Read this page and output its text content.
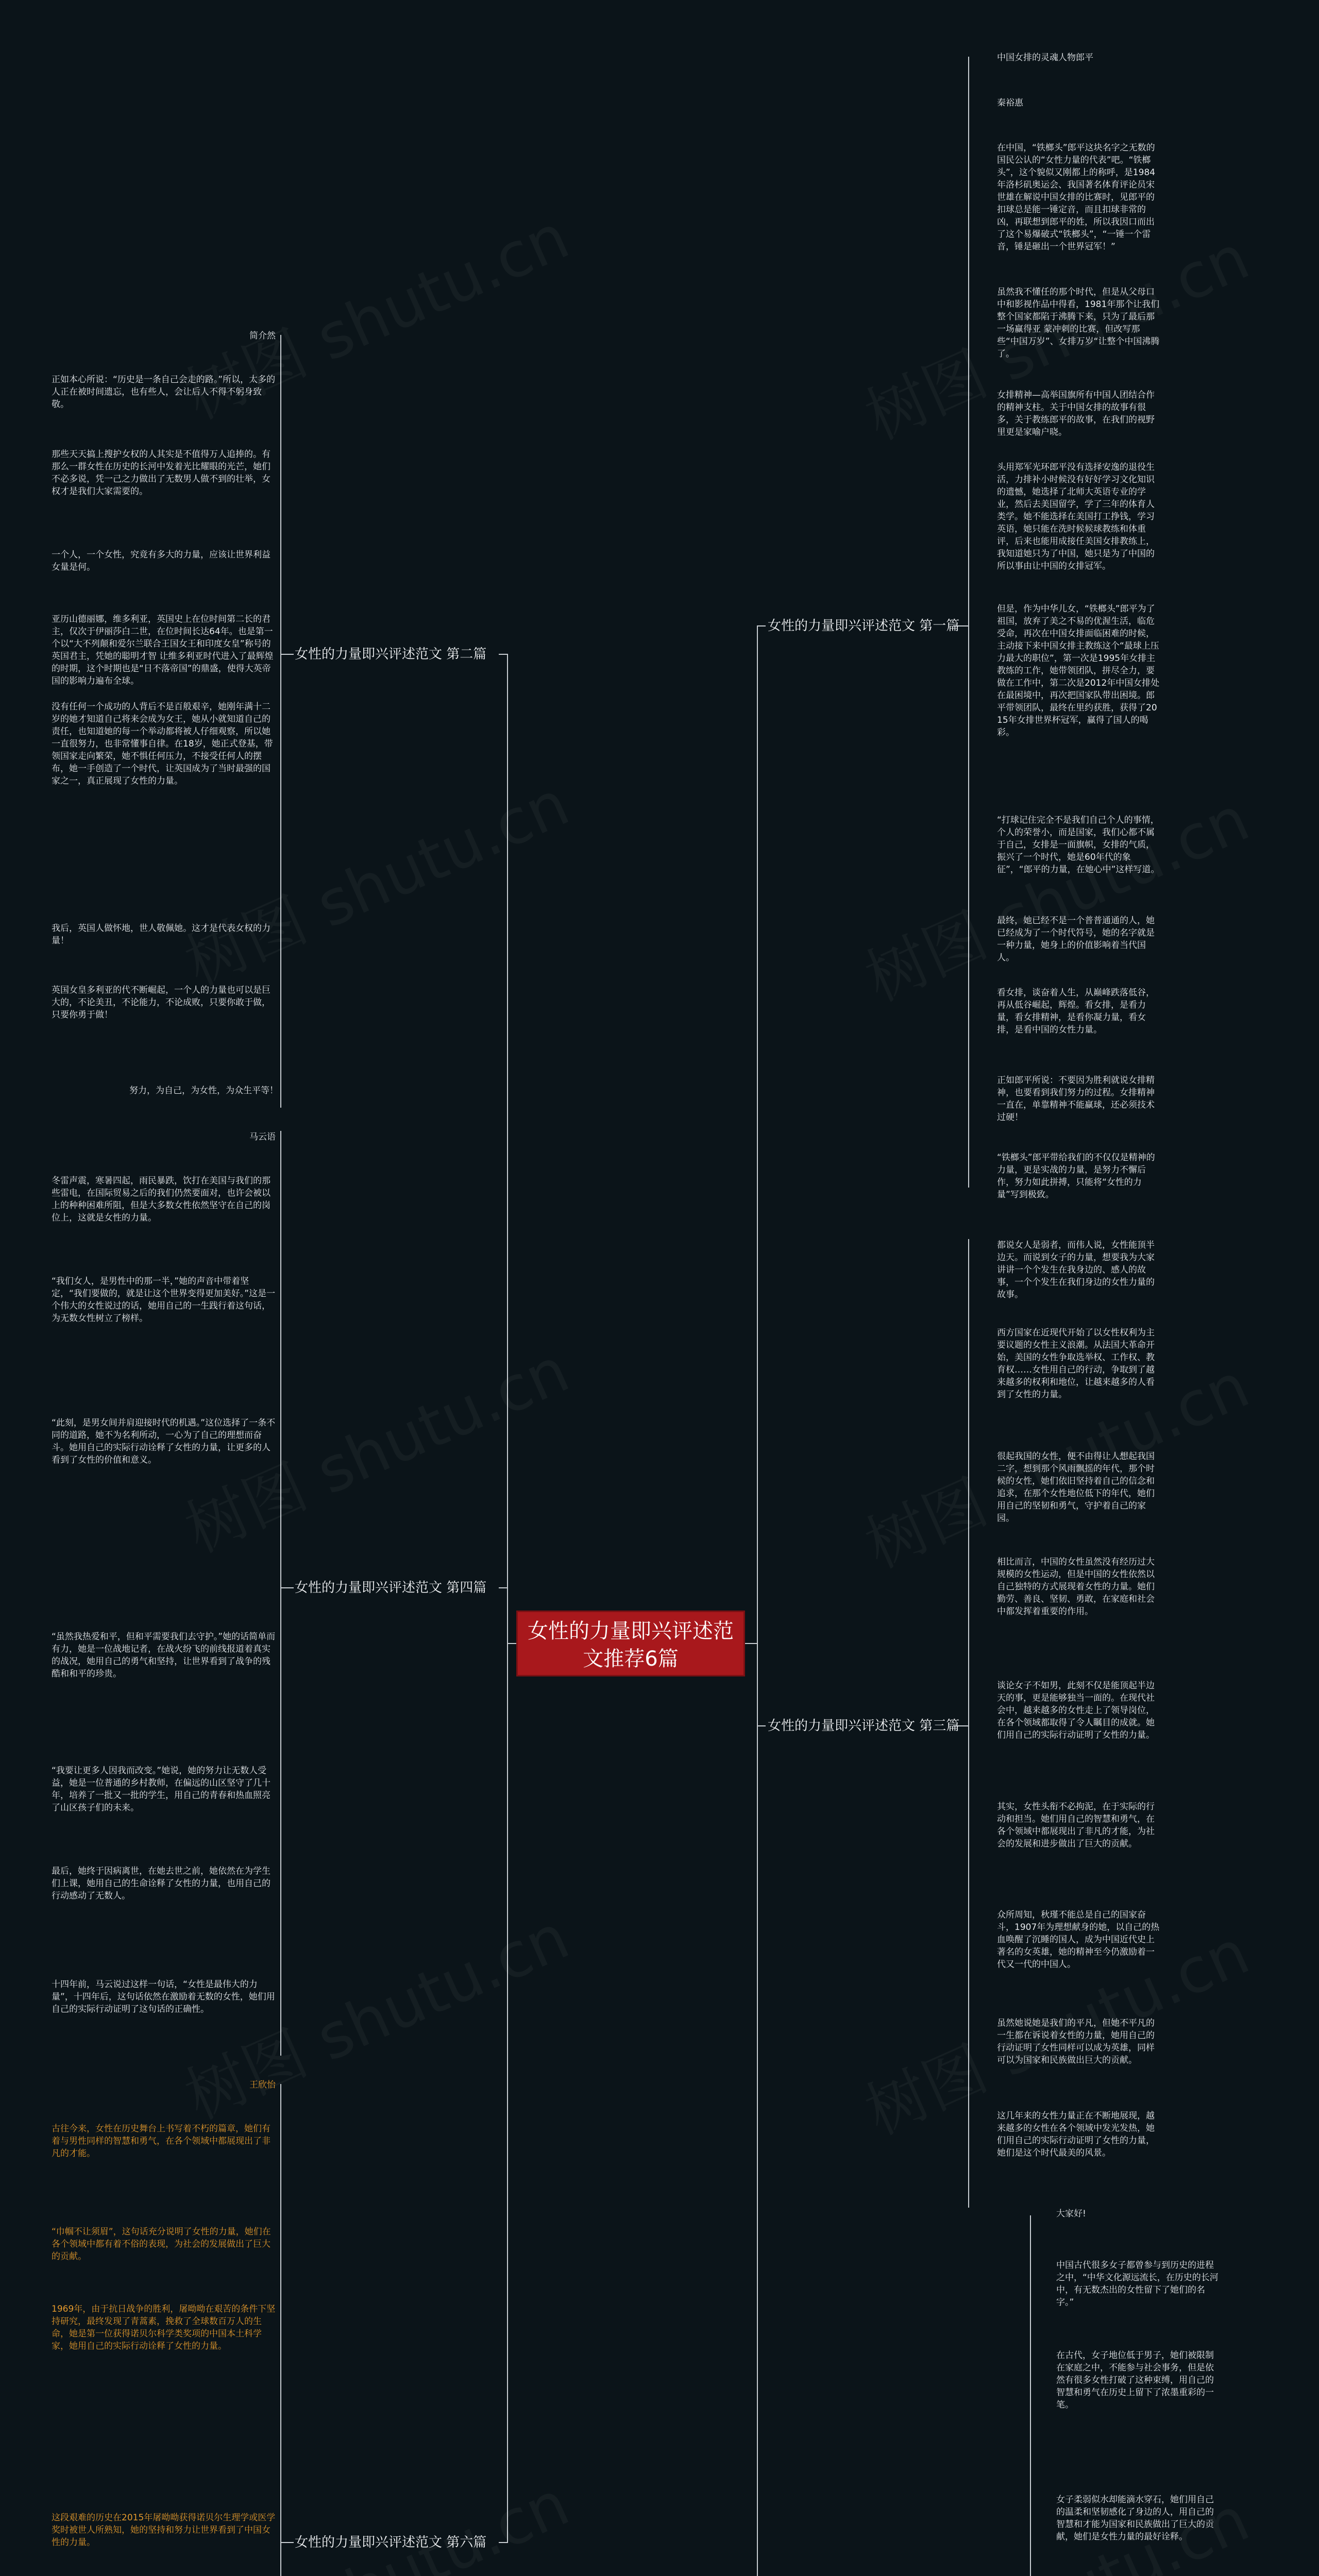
女性的力量即兴评述范文推荐6篇
女性的力量即兴评述范文 第一篇
女性的力量即兴评述范文 第三篇
女性的力量即兴评述范文 第二篇
女性的力量即兴评述范文 第四篇
女性的力量即兴评述范文 第六篇
中国女排的灵魂人物郎平
秦裕惠
在中国，“铁榔头”郎平这块名字之无数的国民公认的“女性力量的代表”吧。“铁榔头”，这个貌似又刚都上的称呼，是1984年洛杉矶奥运会、我国著名体育评论员宋世雄在解说中国女排的比赛时，见郎平的扣球总是能一锤定音，而且扣球非常的凶，再联想到郎平的姓，所以我因口而出了这个易爆破式“铁榔头”，“一锤一个雷音，锤是砸出一个世界冠军！”
虽然我不懂任的那个时代，但是从父母口中和影视作品中得看，1981年那个让我们整个国家都陷于沸腾下来，只为了最后那一场赢得亚 蒙冲刺的比赛，但改写那些“中国万岁”、女排万岁“让整个中国沸腾了。
女排精神—高举国旗所有中国人团结合作的精神支柱。关于中国女排的故事有很多，关于教练郎平的故事，在我们的视野里更是家喻户晓。
头用郑军光环郎平没有选择安逸的退役生活，力排补小时候没有好好学习文化知识的遗憾，她选择了北师大英语专业的学业，然后去美国留学，学了三年的体育人类学。她不能选择在美国打工挣钱，学习英语，她只能在洗时候候球教练和体重评，后来也能用成接任美国女排教练上，我知道她只为了中国，她只是为了中国的所以事由让中国的女排冠军。
但是，作为中华儿女，“铁榔头”郎平为了祖国，放弃了美之不易的优渥生活，临危受命，再次在中国女排面临困难的时候，主动接下来中国女排主教练这个“最球上压力最大的职位”，第一次是1995年女排主教练的工作，她带领团队，拼尽全力，要做在工作中，第二次是2012年中国女排处在最困境中，再次把国家队带出困境。郎平带领团队，最终在里约获胜，获得了2015年女排世界杯冠军，赢得了国人的喝彩。
“打球记住完全不是我们自己个人的事情，个人的荣誉小，而是国家，我们心都不属于自己，女排是一面旗帜，女排的气质，振兴了一个时代，她是60年代的象征”，“郎平的力量，在她心中”这样写道。
最终，她已经不是一个普普通通的人，她已经成为了一个时代符号，她的名字就是一种力量，她身上的价值影响着当代国人。
看女排，谈奋着人生，从巅峰跌落低谷，再从低谷崛起，辉煌。看女排，是看力量，看女排精神，是看你凝力量，看女排，是看中国的女性力量。
正如郎平所说：不要因为胜利就说女排精神，也要看到我们努力的过程。女排精神一直在，单靠精神不能赢球，还必须技术过硬！
“铁榔头”郎平带给我们的不仅仅是精神的力量，更是实战的力量，是努力不懈后作，努力如此拼搏，只能将“女性的力量”写到极致。
都说女人是弱者，而伟人说，女性能顶半边天。而说到女子的力量，想要我为大家讲讲一个个发生在我身边的、感人的故事，一个个发生在我们身边的女性力量的故事。
西方国家在近现代开始了以女性权利为主要议题的女性主义浪潮。从法国大革命开始，美国的女性争取选举权、工作权、教育权……女性用自己的行动，争取到了越来越多的权利和地位，让越来越多的人看到了女性的力量。
很起我国的女性，便不由得让人想起我国二字，想到那个风雨飘摇的年代，那个时候的女性，她们依旧坚持着自己的信念和追求，在那个女性地位低下的年代，她们用自己的坚韧和勇气，守护着自己的家园。
相比而言，中国的女性虽然没有经历过大规模的女性运动，但是中国的女性依然以自己独特的方式展现着女性的力量。她们勤劳、善良、坚韧、勇敢，在家庭和社会中都发挥着重要的作用。
谈论女子不如男，此刻不仅是能顶起半边天的事，更是能够独当一面的。在现代社会中，越来越多的女性走上了领导岗位，在各个领域都取得了令人瞩目的成就。她们用自己的实际行动证明了女性的力量。
其实，女性头衔不必拘泥，在于实际的行动和担当。她们用自己的智慧和勇气，在各个领域中都展现出了非凡的才能，为社会的发展和进步做出了巨大的贡献。
众所周知，秋瑾不能总是自己的国家奋斗，1907年为理想献身的她，以自己的热血唤醒了沉睡的国人，成为中国近代史上著名的女英雄，她的精神至今仍激励着一代又一代的中国人。
虽然她说她是我们的平凡，但她不平凡的一生都在诉说着女性的力量，她用自己的行动证明了女性同样可以成为英雄，同样可以为国家和民族做出巨大的贡献。
这几年来的女性力量正在不断地展现，越来越多的女性在各个领域中发光发热，她们用自己的实际行动证明了女性的力量，她们是这个时代最美的风景。
大家好!
中国古代很多女子都曾参与到历史的进程之中，“中华文化源远流长，在历史的长河中，有无数杰出的女性留下了她们的名字。”
在古代，女子地位低于男子，她们被限制在家庭之中，不能参与社会事务，但是依然有很多女性打破了这种束缚，用自己的智慧和勇气在历史上留下了浓墨重彩的一笔。
女子柔弱似水却能滴水穿石，她们用自己的温柔和坚韧感化了身边的人，用自己的智慧和才能为国家和民族做出了巨大的贡献，她们是女性力量的最好诠释。
简介然
正如本心所说：“历史是一条自己会走的路。”所以，太多的人正在被时间遗忘，也有些人，会让后人不得不躬身致敬。
那些天天搞上搜护女权的人其实是不值得万人追捧的。有那么一群女性在历史的长河中发着光比耀眼的光芒，她们不必多说，凭一己之力做出了无数男人做不到的壮举，女权才是我们大家需要的。
一个人，一个女性，究竟有多大的力量，应该让世界利益女量是何。
亚历山德丽娜，维多利亚，英国史上在位时间第二长的君主，仅次于伊丽莎白二世，在位时间长达64年。也是第一个以“大不列颠和爱尔兰联合王国女王和印度女皇”称号的英国君主，凭她的聪明才智 让维多利亚时代进入了最辉煌的时期，这个时期也是“日不落帝国”的鼎盛，使得大英帝国的影响力遍布全球。
没有任何一个成功的人背后不是百般艰辛，她刚年满十二岁的她才知道自己将来会成为女王，她从小就知道自己的责任，也知道她的每一个举动都将被人仔细观察，所以她一直很努力，也非常懂事自律。在18岁，她正式登基，带领国家走向繁荣，她不惧任何压力，不接受任何人的摆布，她一手创造了一个时代，让英国成为了当时最强的国家之一，真正展现了女性的力量。
我后，英国人做怀地，世人敬佩她。这才是代表女权的力量！
英国女皇多利亚的代不断崛起，一个人的力量也可以是巨大的，不论美丑，不论能力，不论成败，只要你敢于做，只要你勇于做！
努力，为自己，为女性，为众生平等！
马云语
冬雷声震，寒暑四起，雨民暴跌，饮打在美国与我们的那些雷电，在国际贸易之后的我们仍然要面对，也许会被以上的种种困难所阻，但是大多数女性依然坚守在自己的岗位上，这就是女性的力量。
“我们女人，是男性中的那一半，”她的声音中带着坚定，“我们要做的，就是让这个世界变得更加美好。”这是一个伟大的女性说过的话，她用自己的一生践行着这句话，为无数女性树立了榜样。
“此刻，是男女间并肩迎接时代的机遇。”这位选择了一条不同的道路，她不为名利所动，一心为了自己的理想而奋斗。她用自己的实际行动诠释了女性的力量，让更多的人看到了女性的价值和意义。
“虽然我热爱和平，但和平需要我们去守护。”她的话简单而有力，她是一位战地记者，在战火纷飞的前线报道着真实的战况，她用自己的勇气和坚持，让世界看到了战争的残酷和和平的珍贵。
“我要让更多人因我而改变。”她说，她的努力让无数人受益，她是一位普通的乡村教师，在偏远的山区坚守了几十年，培养了一批又一批的学生，用自己的青春和热血照亮了山区孩子们的未来。
最后，她终于因病离世，在她去世之前，她依然在为学生们上课，她用自己的生命诠释了女性的力量，也用自己的行动感动了无数人。
十四年前，马云说过这样一句话，“女性是最伟大的力量”，十四年后，这句话依然在激励着无数的女性，她们用自己的实际行动证明了这句话的正确性。
王欣怡
古往今来，女性在历史舞台上书写着不朽的篇章，她们有着与男性同样的智慧和勇气，在各个领域中都展现出了非凡的才能。
“巾帼不让须眉”，这句话充分说明了女性的力量，她们在各个领域中都有着不俗的表现，为社会的发展做出了巨大的贡献。
1969年，由于抗日战争的胜利，屠呦呦在艰苦的条件下坚持研究，最终发现了青蒿素，挽救了全球数百万人的生命，她是第一位获得诺贝尔科学类奖项的中国本土科学家，她用自己的实际行动诠释了女性的力量。
这段艰难的历史在2015年屠呦呦获得诺贝尔生理学或医学奖时被世人所熟知，她的坚持和努力让世界看到了中国女性的力量。
